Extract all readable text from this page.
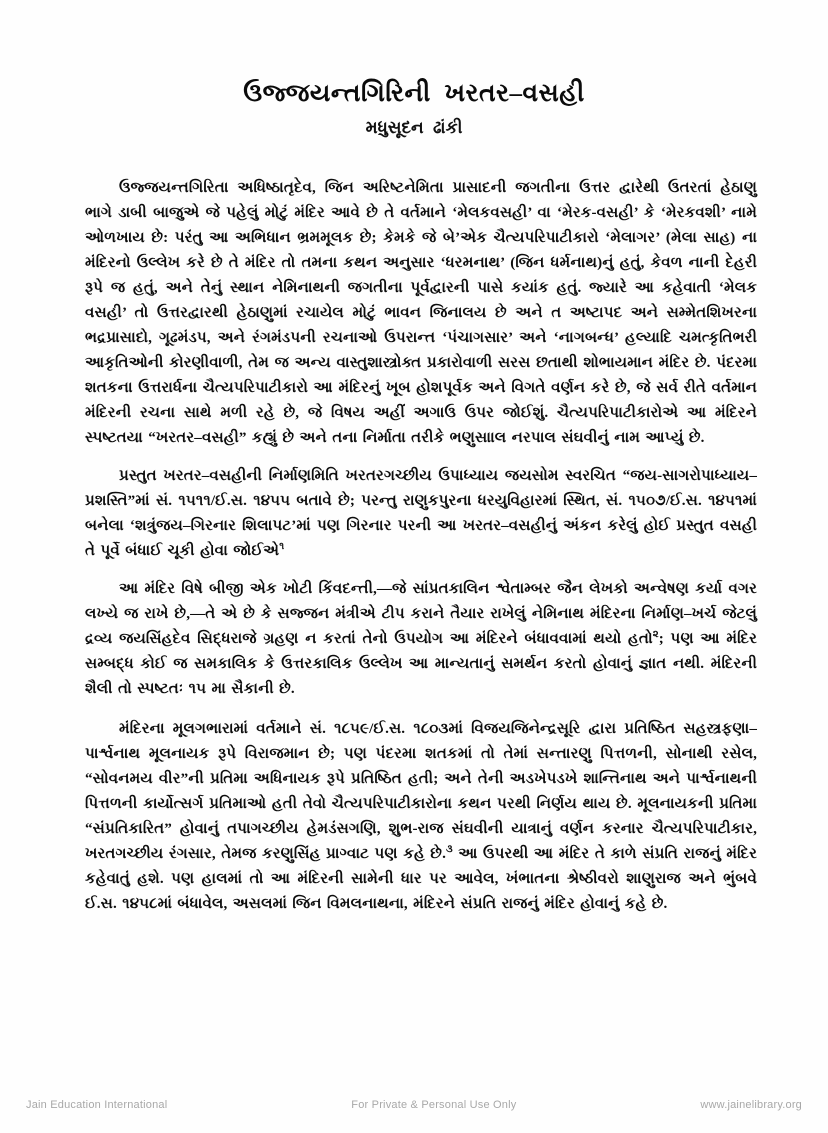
ઉજ્જયન્તગિરિની ખરતર–વસહી
મધુસૂદન ઢાંકી

ઉજ્જયન્તગિરિતા અધિષ્ઠાતૃદેવ, જિન અરિષ્ટનેમિતા પ્રાસાદની જગતીના ઉત્તર દ્વારેથી ઉતરતાં હેઠાણુ ભાગે ડાબી બાજુએ જે પહેલું મોટું મંદિર આવે છે તે વર્તમાને ‘મેલકવસહી’ વા ‘મેરક-વસહી’ કે ‘મેરકવશી’ નામે ઓળખાય છે: પરંતુ આ અભિધાન ભ્રમમૂલક છે; કેમકે જે બે’એક ચૈત્યપરિપાટીકારો ‘મેલાગર’ (મેલા સાહ) ના મંદિરનો ઉલ્લેખ કરે છે તે મંદિર તો તમના કથન અનુસાર ‘ધરમનાથ’ (જિન ધર્મનાથ)નું હતું, કેવળ નાની દેહરી રૂપે જ હતું, અને તેનું સ્થાન નેમિનાથની જગતીના પૂર્વદ્વારની પાસે કયાંક હતું. જ્યારે આ કહેવાતી ‘મેલક વસહી’ તો ઉત્તરદ્વારથી હેઠાણુમાં રચાયેલ મોટું ભાવન જિનાલય છે અને ત અષ્ટાપદ અને સમ્મેતશિખરના ભદ્રપ્રાસાદો, ગૂઢમંડપ, અને રંગમંડપની રચનાઓ ઉપરાન્ત ‘પંચાગસાર’ અને ‘નાગબન્ધ’ હલ્યાદિ ચમત્કૃતિભરી આકૃતિઓની કોરણીવાળી, તેમ જ અન્ય વાસ્તુશાસ્ત્રોક્ત પ્રકારોવાળી સરસ છતાથી શોભાયમાન મંદિર છે. પંદરમા શતકના ઉત્તરાર્ધના ચૈત્યપરિપાટીકારો આ મંદિરનું ખૂબ હોશપૂર્વક અને વિગતે વર્ણન કરે છે, જે સર્વ રીતે વર્તમાન મંદિરની રચના સાથે મળી રહે છે, જે વિષય અહીં અગાઉ ઉપર જોઈશું. ચૈત્યપરિપાટીકારોએ આ મંદિરને સ્પષ્ટતયા “ખરતર–વસહી” કહ્યું છે અને તના નિર્માતા તરીકે ભણુસાાલ નરપાલ સંઘવીનું નામ આપ્યું છે.

પ્રસ્તુત ખરતર–વસહીની નિર્માણમિતિ ખરતરગચ્છીય ઉપાધ્યાય જયસોમ સ્વરચિત “જય-સાગરોપાધ્યાય–પ્રશસ્તિ”માં સં. ૧૫૧૧/ઈ.સ. ૧૪૫૫ બતાવે છે; પરન્તુ રાણુકપુરના ધરયુવિહારમાં સ્થિત, સં. ૧૫૦૭/ઈ.સ. ૧૪૫૧માં બનેલા ‘શત્રુંજય–ગિરનાર શિલાપટ’માં પણ ગિરનાર પરની આ ખરતર–વસહીનું અંકન કરેલું હોઈ પ્રસ્તુત વસહી તે પૂર્વે બંધાઈ ચૂકી હોવા જોઈએ$^૧$

આ મંદિર વિષે બીજી એક ખોટી કિંવદન્તી,—જે સાંપ્રતકાલિન શ્વેતામ્બર જૈન લેખકો અન્વેષણ કર્યા વગર લખ્યે જ રાખે છે,—તે એ છે કે સજ્જન મંત્રીએ ટીપ કરાને તૈયાર રાખેલું નેમિનાથ મંદિરના નિર્માણ–ખર્ચ જેટલું દ્રવ્ય જયસિંહદેવ સિદ્ધરાજે ગ્રહણ ન કરતાં તેનો ઉપયોગ આ મંદિરને બંધાવવામાં થયો હતો$^૨$; પણ આ મંદિર સમ્બદ્ધ કોઈ જ સમકાલિક કે ઉત્તરકાલિક ઉલ્લેખ આ માન્યતાનું સમર્થન કરતો હોવાનું જ્ઞાત નથી. મંદિરની શૈલી તો સ્પષ્ટતઃ ૧૫ મા સૈકાની છે.

મંદિરના મૂલગભારામાં વર્તમાને સં. ૧૮૫૯/ઈ.સ. ૧૮૦૩માં વિજયજિનેન્દ્રસૂરિ દ્વારા પ્રતિષ્ઠિત સહસ્ત્રફણા–પાર્શ્વનાથ મૂલનાયક રૂપે વિરાજમાન છે; પણ પંદરમા શતકમાં તો તેમાં સન્તારણુ પિત્તળની, સોનાથી રસેલ, “સોવનમય વીર”ની પ્રતિમા અધિનાયક રૂપે પ્રતિષ્ઠિત હતી; અને તેની અડખેપડખે શાન્તિનાથ અને પાર્શ્વનાથની પિત્તળની કાર્યોત્સર્ગ પ્રતિમાઓ હતી તેવો ચૈત્યપરિપાટીકારોના કથન પરથી નિર્ણય થાય છે. મૂલનાયકની પ્રતિમા “સંપ્રતિકારિત” હોવાનું તપાગચ્છીય હેમડંસગણિ, શુભ-રાજ સંઘવીની યાત્રાનું વર્ણન કરનાર ચૈત્યપરિપાટીકાર, ખરતગચ્છીય રંગસાર, તેમજ કરણુસિંહ પ્રાગ્વાટ પણ કહે છે.$^૩$ આ ઉપરથી આ મંદિર તે કાળે સંપ્રતિ રાજનું મંદિર કહેવાતું હશે. પણ હાલમાં તો આ મંદિરની સામેની ધાર પર આવેલ, ખંભાતના શ્રેષ્ઠીવરો શાણુરાજ અને ભુંબવે ઈ.સ. ૧૪૫૮માં બંધાવેલ, અસલમાં જિન વિમલનાથના, મંદિરને સંપ્રતિ રાજનું મંદિર હોવાનું કહે છે.

Jain Education International	For Private & Personal Use Only	www.jainelibrary.org
